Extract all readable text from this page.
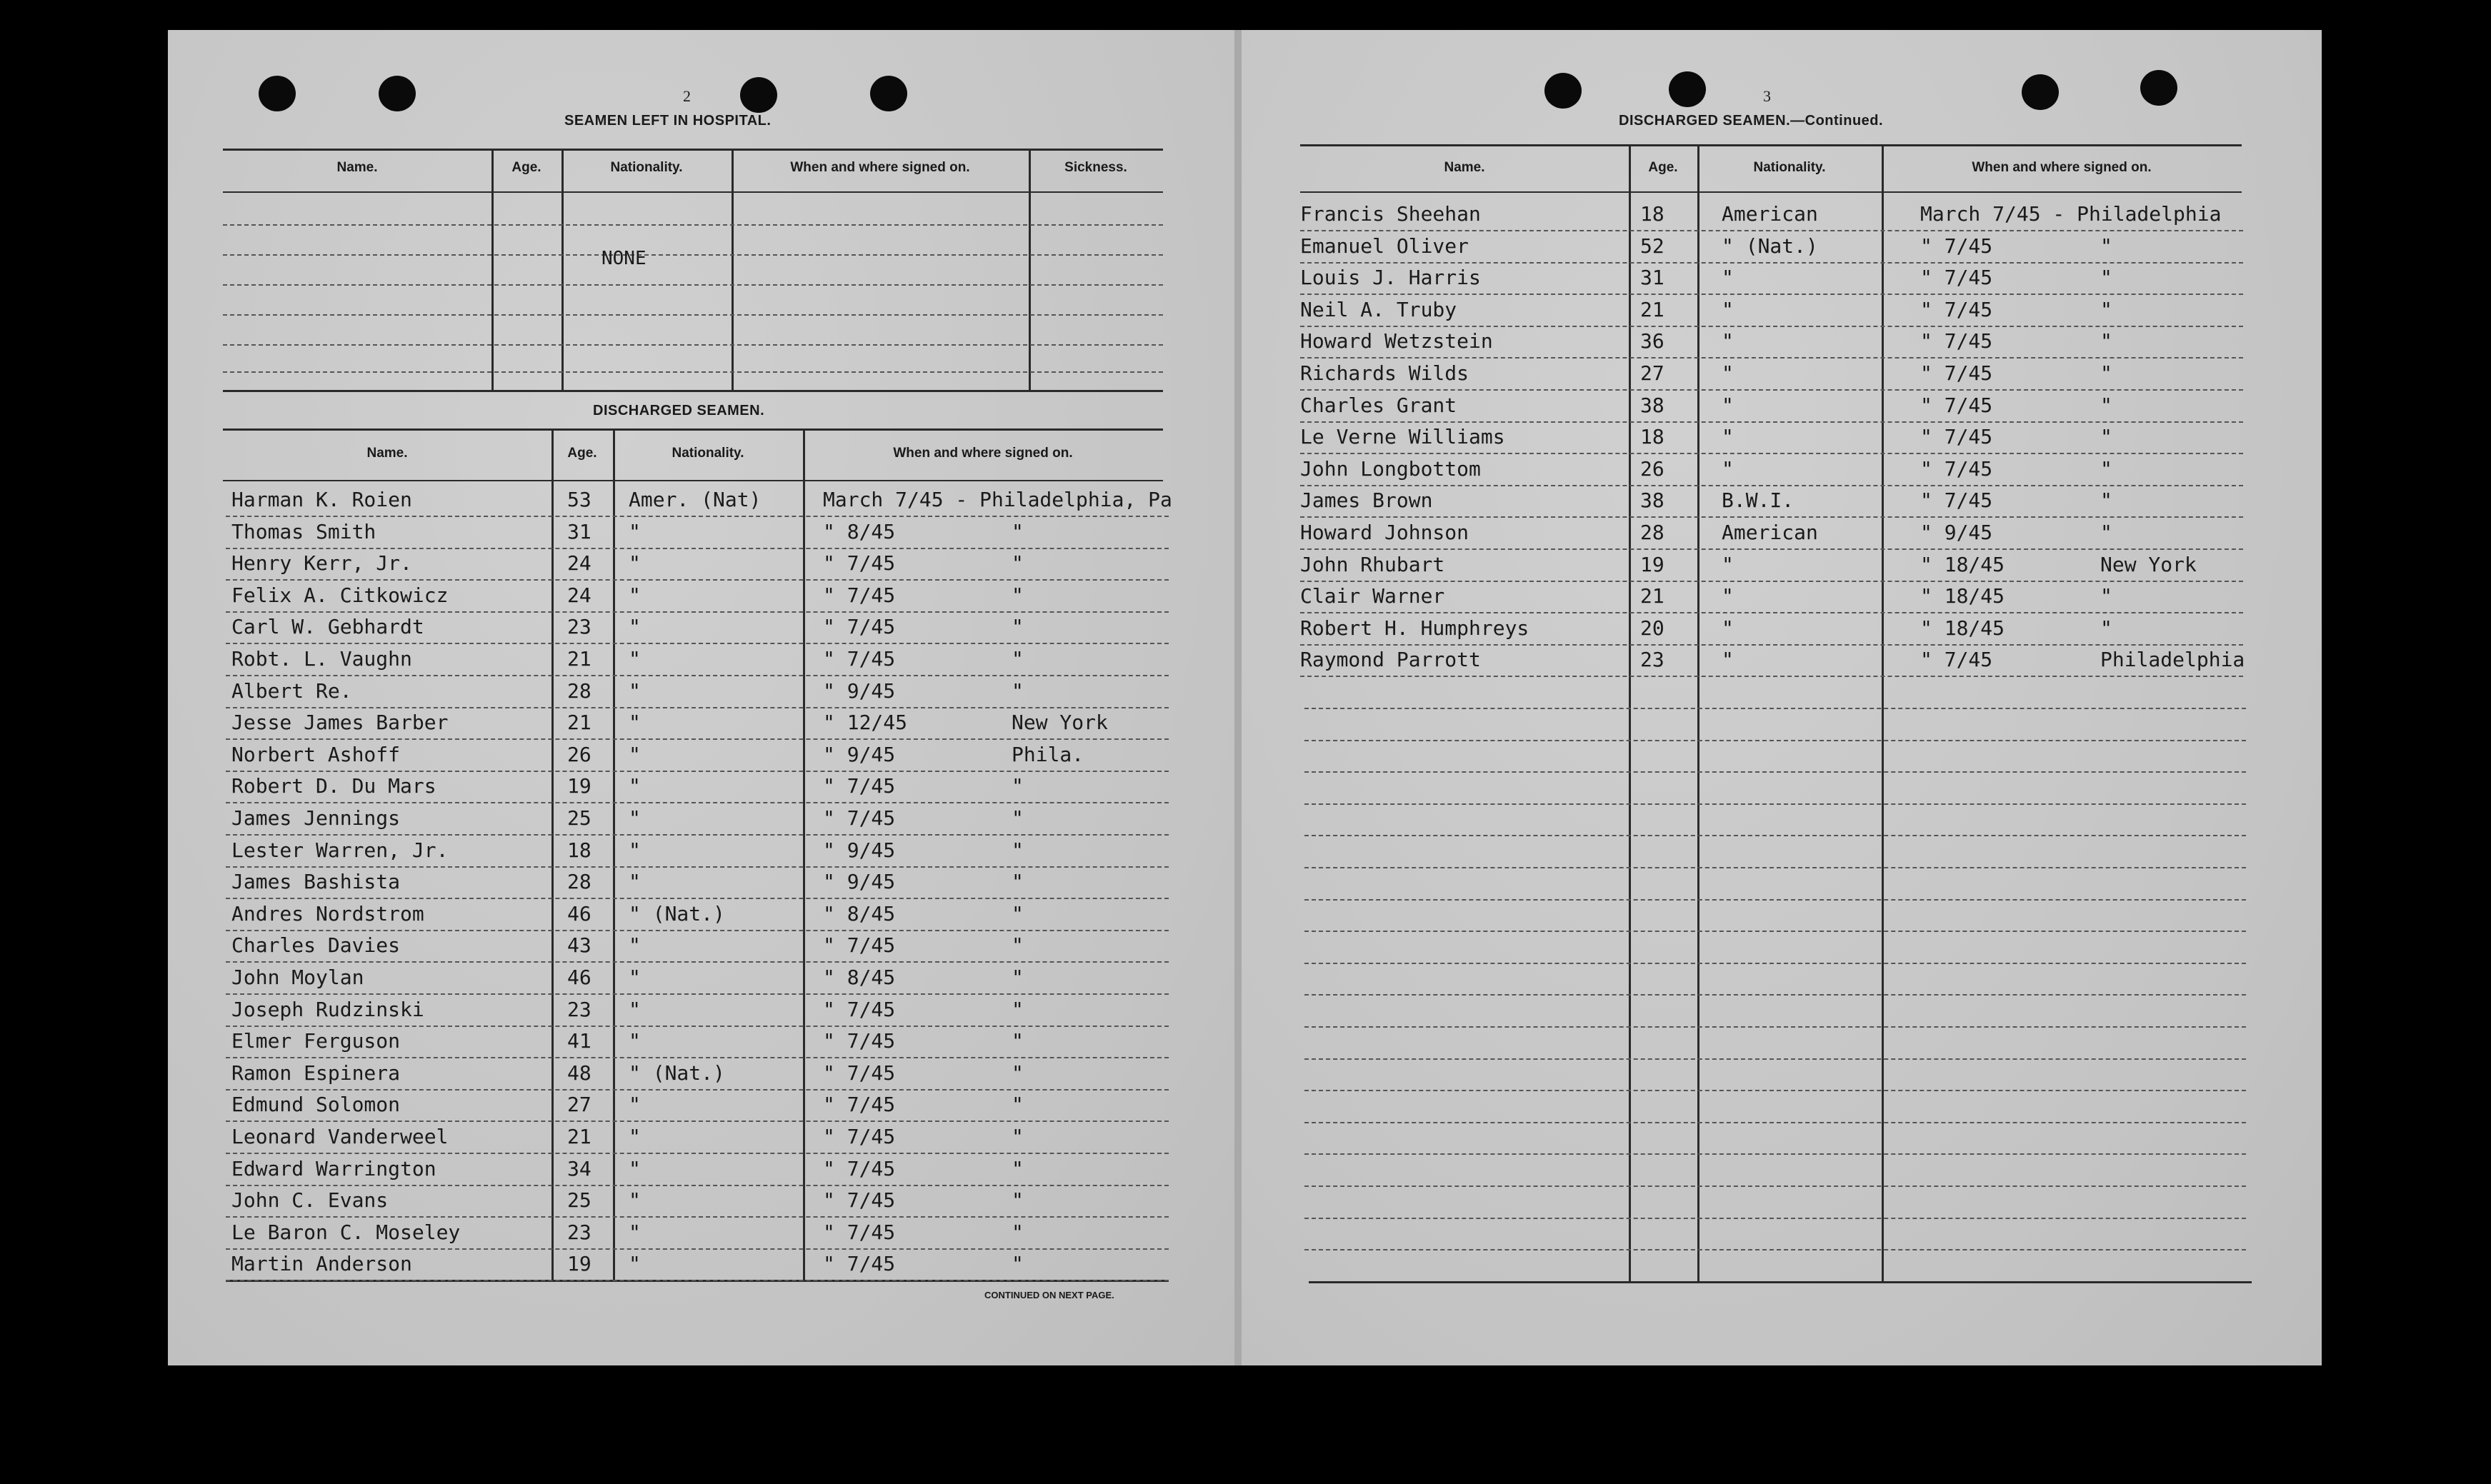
2
SEAMEN LEFT IN HOSPITAL.
Name.	Age.	Nationality.	When and where signed on.	Sickness.
NONE
DISCHARGED SEAMEN.
Name.	Age.	Nationality.	When and where signed on.
Harman K. Roien	53 Amer. (Nat)	March 7/45 - Philadelphia, Pa
Thomas Smith	31 "	" 8/45	"
Henry Kerr, Jr.	24 "	" 7/45	"
Felix A. Citkowicz	24 "	" 7/45	"
Carl W. Gebhardt	23 "	" 7/45	"
Robt. L. Vaughn	21 "	" 7/45	"
Albert Re.	28 "	" 9/45	"
Jesse James Barber	21 "	" 12/45	New York
Norbert Ashoff	26 "	" 9/45	Phila.
Robert D. Du Mars	19 "	" 7/45	"
James Jennings	25 "	" 7/45	"
Lester Warren, Jr.	18 "	" 9/45	"
James Bashista	28 "	" 9/45	"
Andres Nordstrom	46 " (Nat.)	" 8/45	"
Charles Davies	43 "	" 7/45	"
John Moylan	46 "	" 8/45	"
Joseph Rudzinski	23 "	" 7/45	"
Elmer Ferguson	41 "	" 7/45	"
Ramon Espinera	48 " (Nat.)	" 7/45	"
Edmund Solomon	27 "	" 7/45	"
Leonard Vanderweel	21 "	" 7/45	"
Edward Warrington	34 "	" 7/45	"
John C. Evans	25 "	" 7/45	"
Le Baron C. Moseley	23 "	" 7/45	"
Martin Anderson	19 "	" 7/45	"
CONTINUED ON NEXT PAGE.
3
DISCHARGED SEAMEN.—Continued.
Name.	Age.	Nationality.	When and where signed on.
Francis Sheehan	18	American	March 7/45 - Philadelphia
Emanuel Oliver	52	" (Nat.)	" 7/45	"
Louis J. Harris	31	"	" 7/45	"
Neil A. Truby	21	"	" 7/45	"
Howard Wetzstein	36	"	" 7/45	"
Richards Wilds	27	"	" 7/45	"
Charles Grant	38	"	" 7/45	"
Le Verne Williams	18	"	" 7/45	"
John Longbottom	26	"	" 7/45	"
James Brown	38	B.W.I.	" 7/45	"
Howard Johnson	28	American	" 9/45	"
John Rhubart	19	"	" 18/45	New York
Clair Warner	21	"	" 18/45	"
Robert H. Humphreys	20	"	" 18/45	"
Raymond Parrott	23	"	" 7/45	Philadelphia
